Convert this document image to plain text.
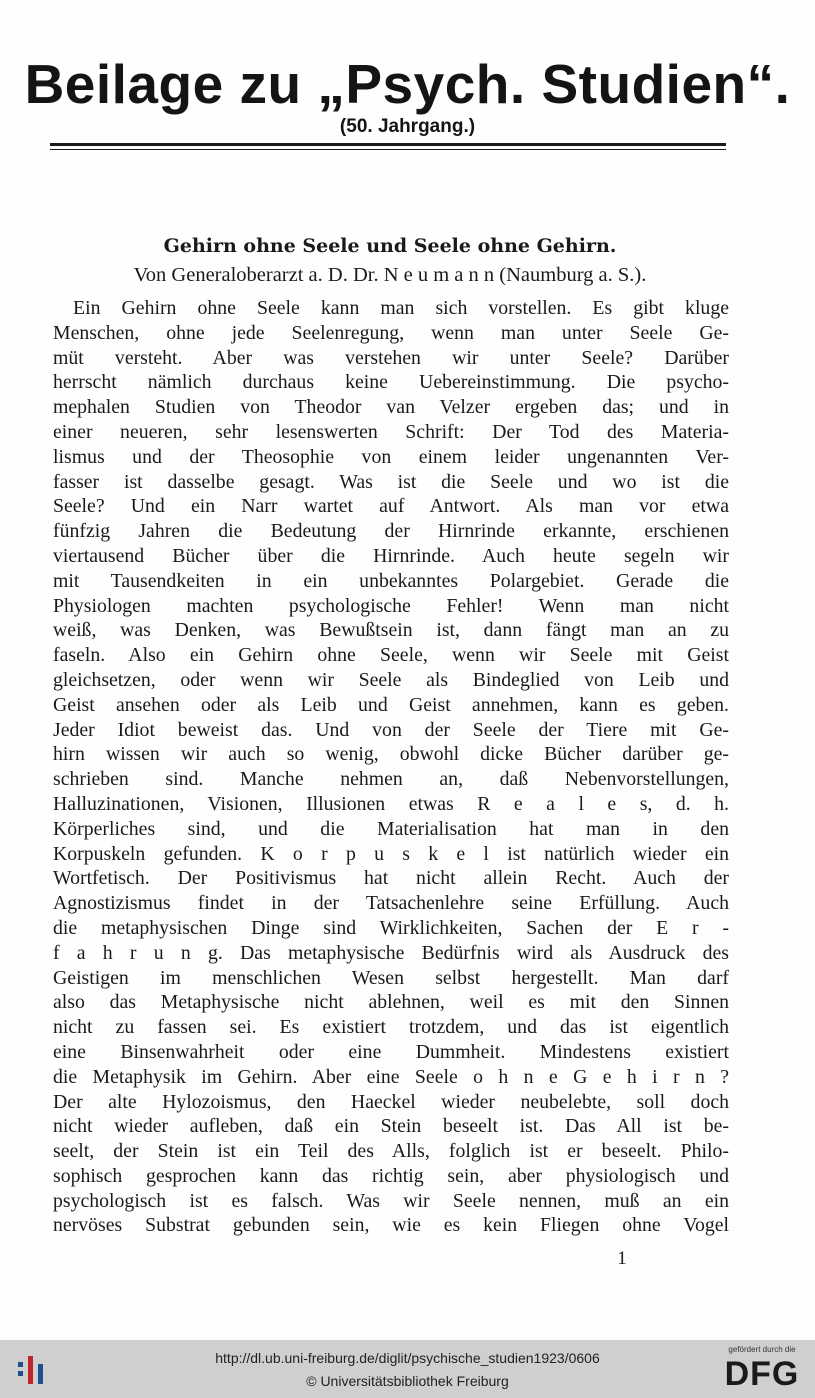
Beilage zu „Psych. Studien“.
(50. Jahrgang.)
Gehirn ohne Seele und Seele ohne Gehirn.
Von Generaloberarzt a. D. Dr. N e u m a n n (Naumburg a. S.).
Ein Gehirn ohne Seele kann man sich vorstellen. Es gibt kluge
Menschen, ohne jede Seelenregung, wenn man unter Seele Ge-
müt versteht. Aber was verstehen wir unter Seele? Darüber
herrscht nämlich durchaus keine Uebereinstimmung. Die psycho-
mephalen Studien von Theodor van Velzer ergeben das; und in
einer neueren, sehr lesenswerten Schrift: Der Tod des Materia-
lismus und der Theosophie von einem leider ungenannten Ver-
fasser ist dasselbe gesagt. Was ist die Seele und wo ist die
Seele? Und ein Narr wartet auf Antwort. Als man vor etwa
fünfzig Jahren die Bedeutung der Hirnrinde erkannte, erschienen
viertausend Bücher über die Hirnrinde. Auch heute segeln wir
mit Tausendkeiten in ein unbekanntes Polargebiet. Gerade die
Physiologen machten psychologische Fehler! Wenn man nicht
weiß, was Denken, was Bewußtsein ist, dann fängt man an zu
faseln. Also ein Gehirn ohne Seele, wenn wir Seele mit Geist
gleichsetzen, oder wenn wir Seele als Bindeglied von Leib und
Geist ansehen oder als Leib und Geist annehmen, kann es geben.
Jeder Idiot beweist das. Und von der Seele der Tiere mit Ge-
hirn wissen wir auch so wenig, obwohl dicke Bücher darüber ge-
schrieben sind. Manche nehmen an, daß Nebenvorstellungen,
Halluzinationen, Visionen, Illusionen etwas R e a l e s, d. h.
Körperliches sind, und die Materialisation hat man in den
Korpuskeln gefunden. K o r p u s k e l ist natürlich wieder ein
Wortfetisch. Der Positivismus hat nicht allein Recht. Auch der
Agnostizismus findet in der Tatsachenlehre seine Erfüllung. Auch
die metaphysischen Dinge sind Wirklichkeiten, Sachen der E r -
f a h r u n g. Das metaphysische Bedürfnis wird als Ausdruck des
Geistigen im menschlichen Wesen selbst hergestellt. Man darf
also das Metaphysische nicht ablehnen, weil es mit den Sinnen
nicht zu fassen sei. Es existiert trotzdem, und das ist eigentlich
eine Binsenwahrheit oder eine Dummheit. Mindestens existiert
die Metaphysik im Gehirn. Aber eine Seele o h n e G e h i r n ?
Der alte Hylozoismus, den Haeckel wieder neubelebte, soll doch
nicht wieder aufleben, daß ein Stein beseelt ist. Das All ist be-
seelt, der Stein ist ein Teil des Alls, folglich ist er beseelt. Philo-
sophisch gesprochen kann das richtig sein, aber physiologisch und
psychologisch ist es falsch. Was wir Seele nennen, muß an ein
nervöses Substrat gebunden sein, wie es kein Fliegen ohne Vogel
1
http://dl.ub.uni-freiburg.de/diglit/psychische_studien1923/0606
© Universitätsbibliothek Freiburg
gefördert durch die
DFG
